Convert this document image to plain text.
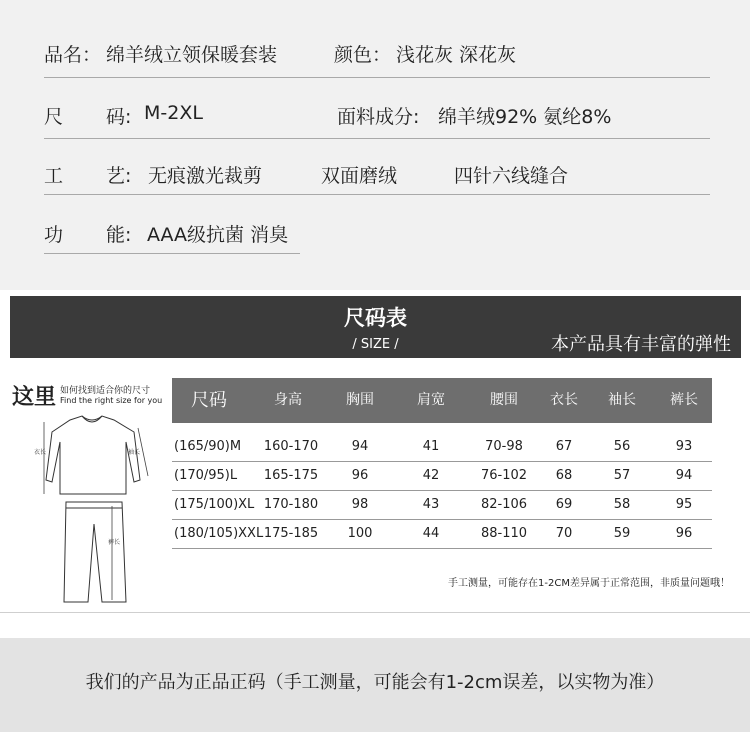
品名： 绵羊绒立领保暖套装	颜色： 浅花灰 深花灰
尺 码: M-2XL	面料成分: 绵羊绒92% 氨纶8%
工 艺: 无痕激光裁剪	双面磨绒	四针六线缝合
功 能: AAA级抗菌 消臭
尺码表
/ SIZE /	本产品具有丰富的弹性
这里 如何找到适合你的尺寸
Find the right size for you
衣长	袖长
裤长
尺码	身高	胸围	肩宽	腰围	衣长	袖长	裤长
(165/90)M	160-170	94	41	70-98	67	56	93
(170/95)L	165-175	96	42	76-102	68	57	94
(175/100)XL 170-180	98	43	82-106	69	58	95
(180/105)XXL 175-185	100	44	88-110	70	59	96
手工测量，可能存在1-2CM差异属于正常范围，非质量问题哦！
我们的产品为正品正码（手工测量，可能会有1-2cm误差，以实物为准）
